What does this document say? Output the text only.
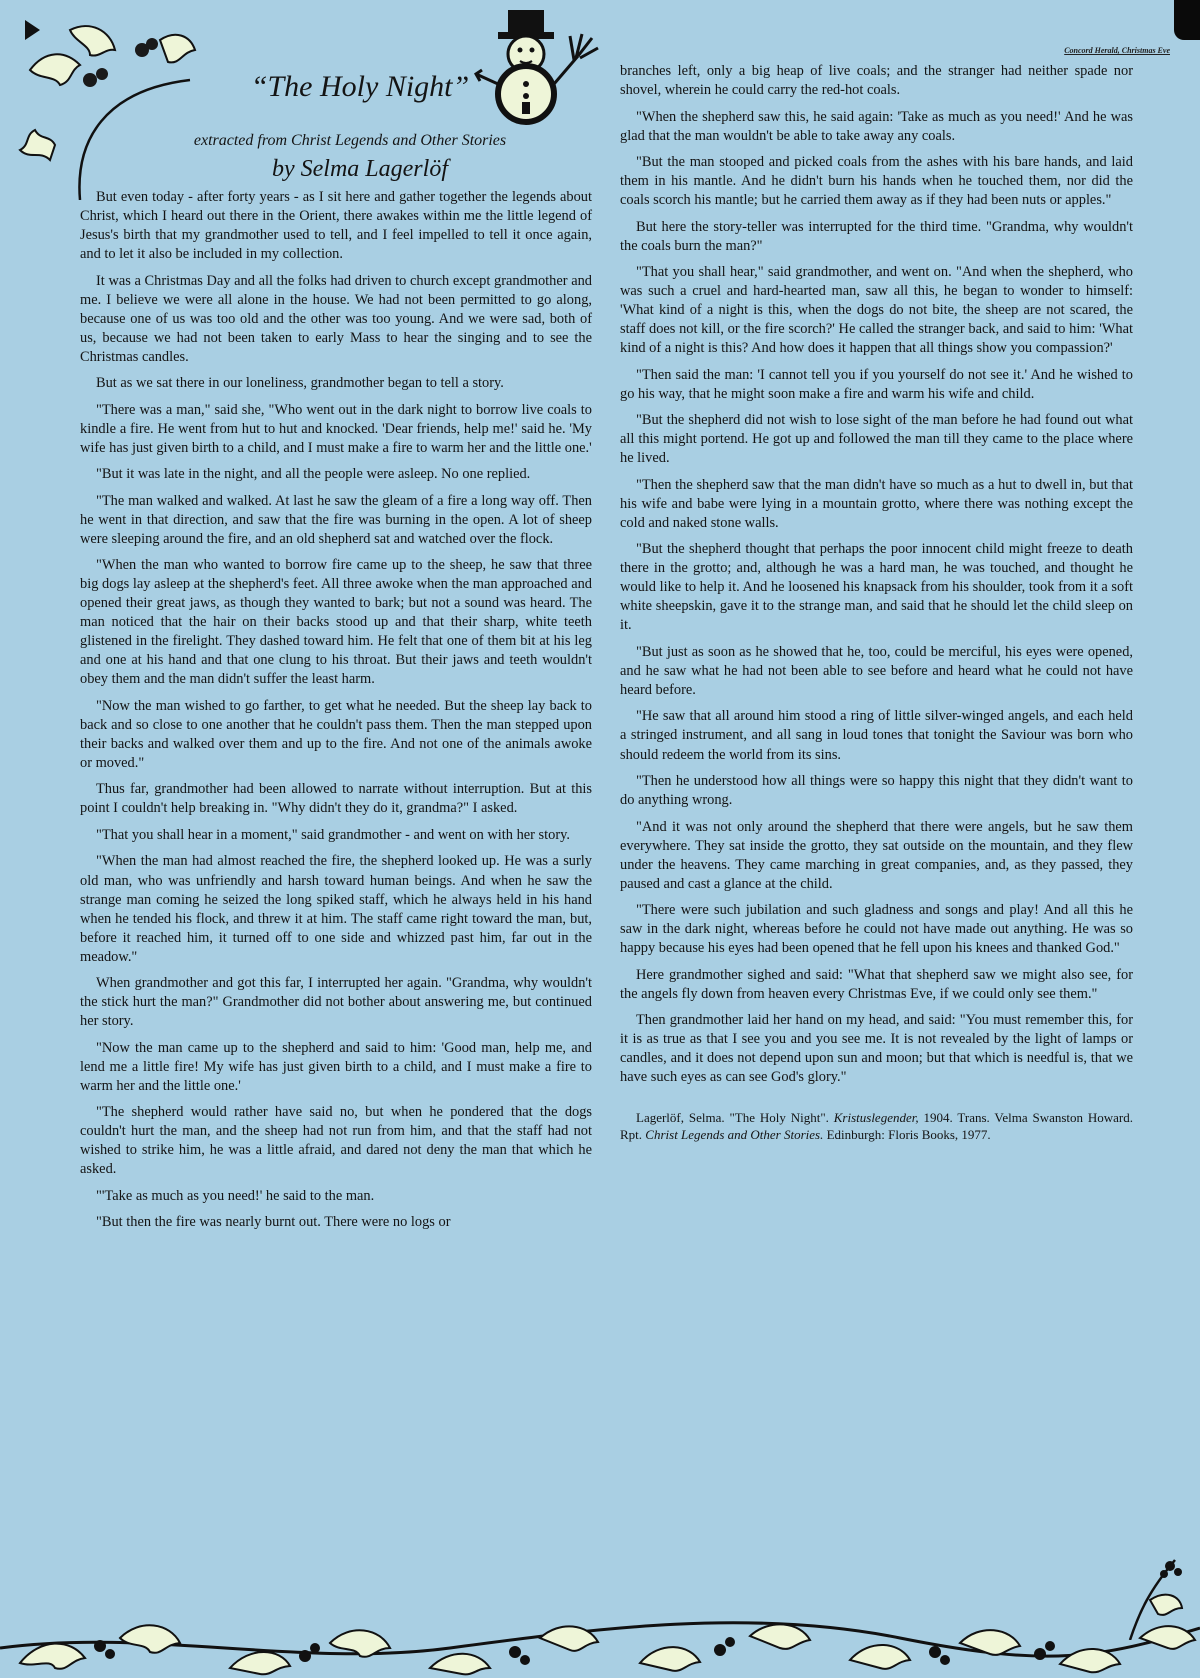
Concord Herald, Christmas Eve
“The Holy Night”
extracted from Christ Legends and Other Stories
by Selma Lagerlöf

But even today - after forty years - as I sit here and gather together the legends about Christ, which I heard out there in the Orient, there awakes within me the little legend of Jesus's birth that my grandmother used to tell, and I feel impelled to tell it once again, and to let it also be included in my collection.

It was a Christmas Day and all the folks had driven to church except grandmother and me. I believe we were all alone in the house. We had not been permitted to go along, because one of us was too old and the other was too young. And we were sad, both of us, because we had not been taken to early Mass to hear the singing and to see the Christmas candles.

But as we sat there in our loneliness, grandmother began to tell a story.

"There was a man," said she, "Who went out in the dark night to borrow live coals to kindle a fire. He went from hut to hut and knocked. 'Dear friends, help me!' said he. 'My wife has just given birth to a child, and I must make a fire to warm her and the little one.'

"But it was late in the night, and all the people were asleep. No one replied.

"The man walked and walked. At last he saw the gleam of a fire a long way off. Then he went in that direction, and saw that the fire was burning in the open. A lot of sheep were sleeping around the fire, and an old shepherd sat and watched over the flock.

"When the man who wanted to borrow fire came up to the sheep, he saw that three big dogs lay asleep at the shepherd's feet. All three awoke when the man approached and opened their great jaws, as though they wanted to bark; but not a sound was heard. The man noticed that the hair on their backs stood up and that their sharp, white teeth glistened in the firelight. They dashed toward him. He felt that one of them bit at his leg and one at his hand and that one clung to his throat. But their jaws and teeth wouldn't obey them and the man didn't suffer the least harm.

"Now the man wished to go farther, to get what he needed. But the sheep lay back to back and so close to one another that he couldn't pass them. Then the man stepped upon their backs and walked over them and up to the fire. And not one of the animals awoke or moved."

Thus far, grandmother had been allowed to narrate without interruption. But at this point I couldn't help breaking in. "Why didn't they do it, grandma?" I asked.

"That you shall hear in a moment," said grandmother - and went on with her story.

"When the man had almost reached the fire, the shepherd looked up. He was a surly old man, who was unfriendly and harsh toward human beings. And when he saw the strange man coming he seized the long spiked staff, which he always held in his hand when he tended his flock, and threw it at him. The staff came right toward the man, but, before it reached him, it turned off to one side and whizzed past him, far out in the meadow."

When grandmother and got this far, I interrupted her again. "Grandma, why wouldn't the stick hurt the man?" Grandmother did not bother about answering me, but continued her story.

"Now the man came up to the shepherd and said to him: 'Good man, help me, and lend me a little fire! My wife has just given birth to a child, and I must make a fire to warm her and the little one.'

"The shepherd would rather have said no, but when he pondered that the dogs couldn't hurt the man, and the sheep had not run from him, and that the staff had not wished to strike him, he was a little afraid, and dared not deny the man that which he asked.

"'Take as much as you need!' he said to the man.

"But then the fire was nearly burnt out. There were no logs or

branches left, only a big heap of live coals; and the stranger had neither spade nor shovel, wherein he could carry the red-hot coals.

"When the shepherd saw this, he said again: 'Take as much as you need!' And he was glad that the man wouldn't be able to take away any coals.

"But the man stooped and picked coals from the ashes with his bare hands, and laid them in his mantle. And he didn't burn his hands when he touched them, nor did the coals scorch his mantle; but he carried them away as if they had been nuts or apples."

But here the story-teller was interrupted for the third time. "Grandma, why wouldn't the coals burn the man?"

"That you shall hear," said grandmother, and went on. "And when the shepherd, who was such a cruel and hard-hearted man, saw all this, he began to wonder to himself: 'What kind of a night is this, when the dogs do not bite, the sheep are not scared, the staff does not kill, or the fire scorch?' He called the stranger back, and said to him: 'What kind of a night is this? And how does it happen that all things show you compassion?'

"Then said the man: 'I cannot tell you if you yourself do not see it.' And he wished to go his way, that he might soon make a fire and warm his wife and child.

"But the shepherd did not wish to lose sight of the man before he had found out what all this might portend. He got up and followed the man till they came to the place where he lived.

"Then the shepherd saw that the man didn't have so much as a hut to dwell in, but that his wife and babe were lying in a mountain grotto, where there was nothing except the cold and naked stone walls.

"But the shepherd thought that perhaps the poor innocent child might freeze to death there in the grotto; and, although he was a hard man, he was touched, and thought he would like to help it. And he loosened his knapsack from his shoulder, took from it a soft white sheepskin, gave it to the strange man, and said that he should let the child sleep on it.

"But just as soon as he showed that he, too, could be merciful, his eyes were opened, and he saw what he had not been able to see before and heard what he could not have heard before.

"He saw that all around him stood a ring of little silver-winged angels, and each held a stringed instrument, and all sang in loud tones that tonight the Saviour was born who should redeem the world from its sins.

"Then he understood how all things were so happy this night that they didn't want to do anything wrong.

"And it was not only around the shepherd that there were angels, but he saw them everywhere. They sat inside the grotto, they sat outside on the mountain, and they flew under the heavens. They came marching in great companies, and, as they passed, they paused and cast a glance at the child.

"There were such jubilation and such gladness and songs and play! And all this he saw in the dark night, whereas before he could not have made out anything. He was so happy because his eyes had been opened that he fell upon his knees and thanked God."

Here grandmother sighed and said: "What that shepherd saw we might also see, for the angels fly down from heaven every Christmas Eve, if we could only see them."

Then grandmother laid her hand on my head, and said: "You must remember this, for it is as true as that I see you and you see me. It is not revealed by the light of lamps or candles, and it does not depend upon sun and moon; but that which is needful is, that we have such eyes as can see God's glory."

Lagerlöf, Selma. "The Holy Night". Kristuslegender, 1904. Trans. Velma Swanston Howard. Rpt. Christ Legends and Other Stories. Edinburgh: Floris Books, 1977.
